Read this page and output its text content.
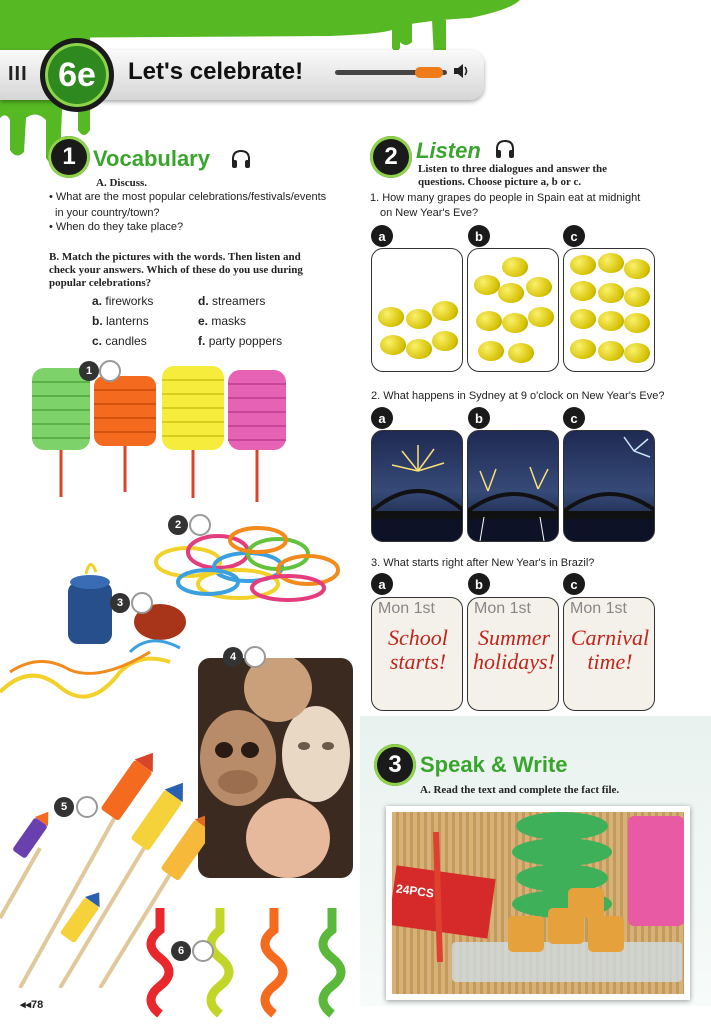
III 6e	Let's celebrate!
1 Vocabulary
A. Discuss.
• What are the most popular celebrations/festivals/events
in your country/town?
• When do they take place?
B. Match the pictures with the words. Then listen and
check your answers. Which of these do you use during
popular celebrations?
a. fireworks
b. lanterns
c. candles
d. streamers
e. masks
f. party poppers
1
2
3
4
5
6
2 Listen
Listen to three dialogues and answer the
questions. Choose picture a, b or c.
1. How many grapes do people in Spain eat at midnight
on New Year's Eve?
a	b	c
2. What happens in Sydney at 9 o'clock on New Year's Eve?
a	b	c
3. What starts right after New Year's in Brazil?
a	b	c
Mon 1st
School
starts!
Mon 1st
Summer
holidays!
Mon 1st
Carnival
time!
3 Speak & Write
A. Read the text and complete the fact file.
24PCS
◂◂78
